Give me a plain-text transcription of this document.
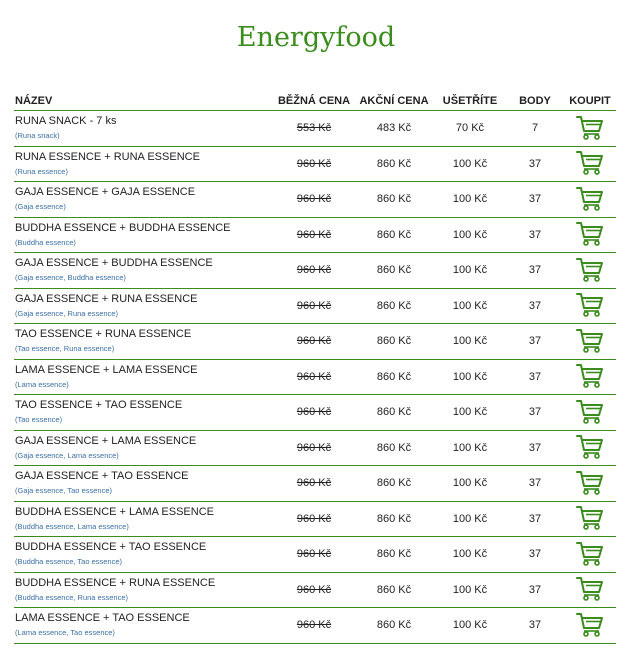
Energyfood
NÁZEV	BĚŽNÁ CENA	AKČNÍ CENA	UŠETŘÍTE	BODY	KOUPIT

RUNA SNACK - 7 ks
(Runa snack)	553 Kč	483 Kč	70 Kč	7	

RUNA ESSENCE + RUNA ESSENCE
(Runa essence)	960 Kč	860 Kč	100 Kč	37	

GAJA ESSENCE + GAJA ESSENCE
(Gaja essence)	960 Kč	860 Kč	100 Kč	37	

BUDDHA ESSENCE + BUDDHA ESSENCE
(Buddha essence)	960 Kč	860 Kč	100 Kč	37	

GAJA ESSENCE + BUDDHA ESSENCE
(Gaja essence, Buddha essence)	960 Kč	860 Kč	100 Kč	37	

GAJA ESSENCE + RUNA ESSENCE
(Gaja essence, Runa essence)	960 Kč	860 Kč	100 Kč	37	

TAO ESSENCE + RUNA ESSENCE
(Tao essence, Runa essence)	960 Kč	860 Kč	100 Kč	37	

LAMA ESSENCE + LAMA ESSENCE
(Lama essence)	960 Kč	860 Kč	100 Kč	37	

TAO ESSENCE + TAO ESSENCE
(Tao essence)	960 Kč	860 Kč	100 Kč	37	

GAJA ESSENCE + LAMA ESSENCE
(Gaja essence, Lama essence)	960 Kč	860 Kč	100 Kč	37	

GAJA ESSENCE + TAO ESSENCE
(Gaja essence, Tao essence)	960 Kč	860 Kč	100 Kč	37	

BUDDHA ESSENCE + LAMA ESSENCE
(Buddha essence, Lama essence)	960 Kč	860 Kč	100 Kč	37	

BUDDHA ESSENCE + TAO ESSENCE
(Buddha essence, Tao essence)	960 Kč	860 Kč	100 Kč	37	

BUDDHA ESSENCE + RUNA ESSENCE
(Buddha essence, Runa essence)	960 Kč	860 Kč	100 Kč	37	

LAMA ESSENCE + TAO ESSENCE
(Lama essence, Tao essence)	960 Kč	860 Kč	100 Kč	37	
